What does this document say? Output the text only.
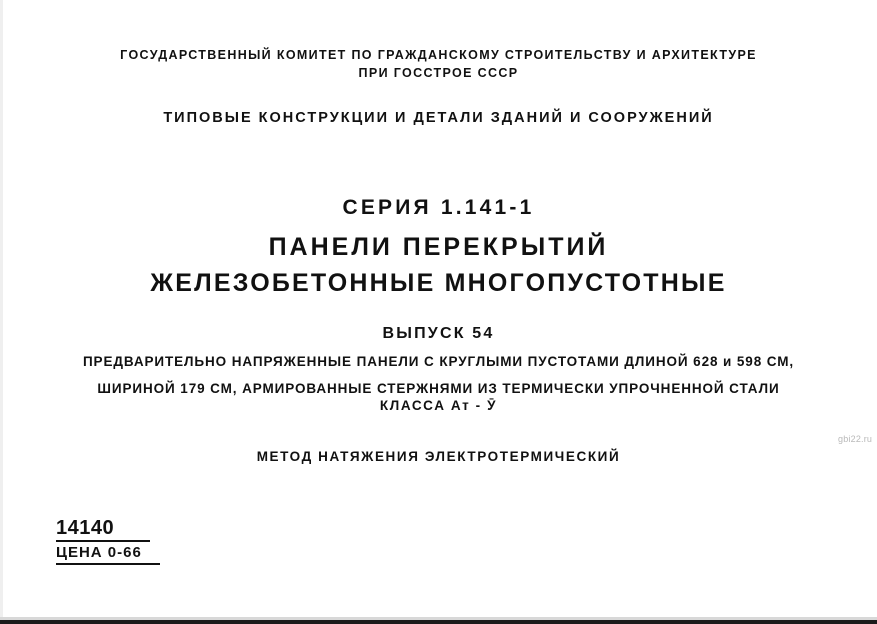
ГОСУДАРСТВЕННЫЙ КОМИТЕТ ПО ГРАЖДАНСКОМУ СТРОИТЕЛЬСТВУ И АРХИТЕКТУРЕ
ПРИ ГОССТРОЕ СССР
ТИПОВЫЕ КОНСТРУКЦИИ И ДЕТАЛИ ЗДАНИЙ И СООРУЖЕНИЙ
СЕРИЯ 1.141-1
ПАНЕЛИ ПЕРЕКРЫТИЙ
ЖЕЛЕЗОБЕТОННЫЕ МНОГОПУСТОТНЫЕ
ВЫПУСК 54
ПРЕДВАРИТЕЛЬНО НАПРЯЖЕННЫЕ ПАНЕЛИ С КРУГЛЫМИ ПУСТОТАМИ ДЛИНОЙ 628 и 598 СМ,
ШИРИНОЙ 179 СМ, АРМИРОВАННЫЕ СТЕРЖНЯМИ ИЗ ТЕРМИЧЕСКИ УПРОЧНЕННОЙ СТАЛИ
КЛАССА Ат - Ӯ
МЕТОД НАТЯЖЕНИЯ ЭЛЕКТРОТЕРМИЧЕСКИЙ
gbi22.ru
14140
ЦЕНА 0-66
